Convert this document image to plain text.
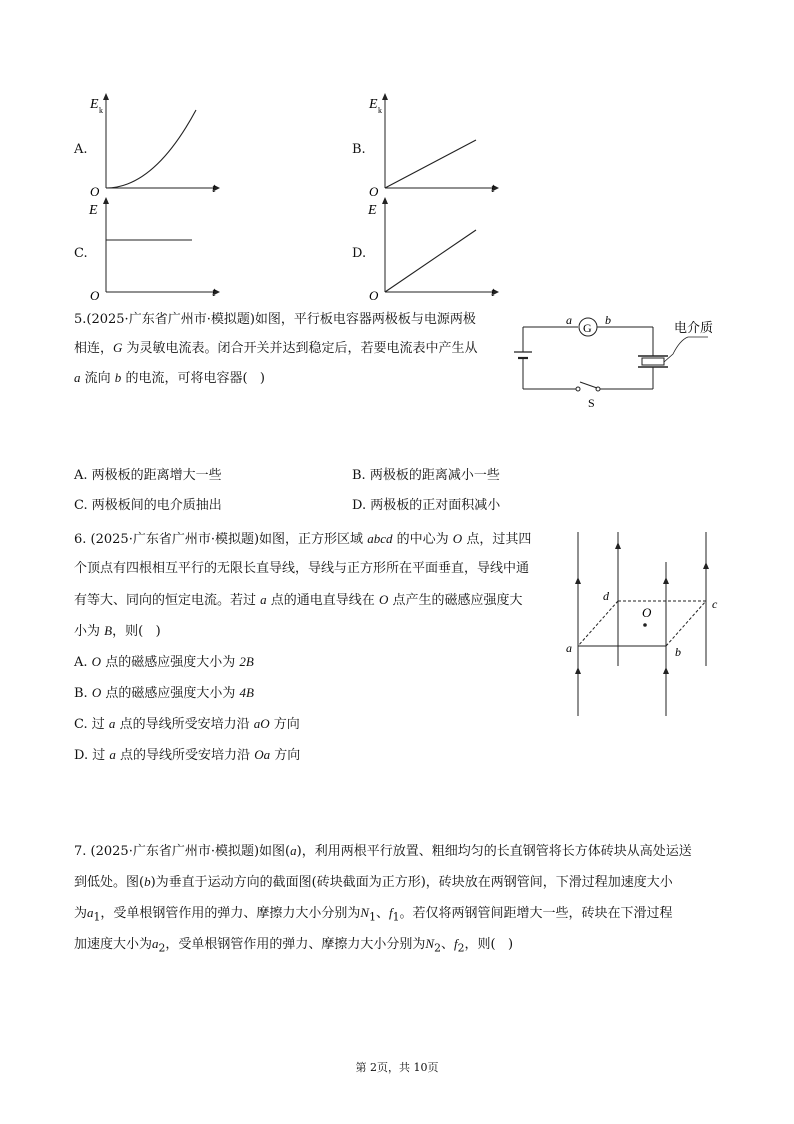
A.
E k
O	t
B.
E k
O	t
C.
E
O	t
D.
E
O	t
5.(2025·广东省广州市·模拟题)如图，平行板电容器两极板与电源两极
相连，G 为灵敏电流表。闭合开关并达到稳定后，若要电流表中产生从
a 流向 b 的电流，可将电容器( )
G
a	b	电介质
S
A. 两极板的距离增大一些	B. 两极板的距离减小一些
C. 两极板间的电介质抽出	D. 两极板的正对面积减小
6. (2025·广东省广州市·模拟题)如图，正方形区域 abcd 的中心为 O 点，过其四
个顶点有四根相互平行的无限长直导线，导线与正方形所在平面垂直，导线中通
有等大、同向的恒定电流。若过 a 点的通电直导线在 O 点产生的磁感应强度大
小为 B，则( )
O
a	b
c
d
A. O 点的磁感应强度大小为 2B
B. O 点的磁感应强度大小为 4B
C. 过 a 点的导线所受安培力沿 aO 方向
D. 过 a 点的导线所受安培力沿 Oa 方向
7. (2025·广东省广州市·模拟题)如图(a)，利用两根平行放置、粗细均匀的长直钢管将长方体砖块从高处运送
到低处。图(b)为垂直于运动方向的截面图(砖块截面为正方形)，砖块放在两钢管间，下滑过程加速度大小
为$a_1$，受单根钢管作用的弹力、摩擦力大小分别为$N_1$、$f_1$。若仅将两钢管间距增大一些，砖块在下滑过程
加速度大小为$a_2$，受单根钢管作用的弹力、摩擦力大小分别为$N_2$、$f_2$，则( )
第 2页，共 10页
